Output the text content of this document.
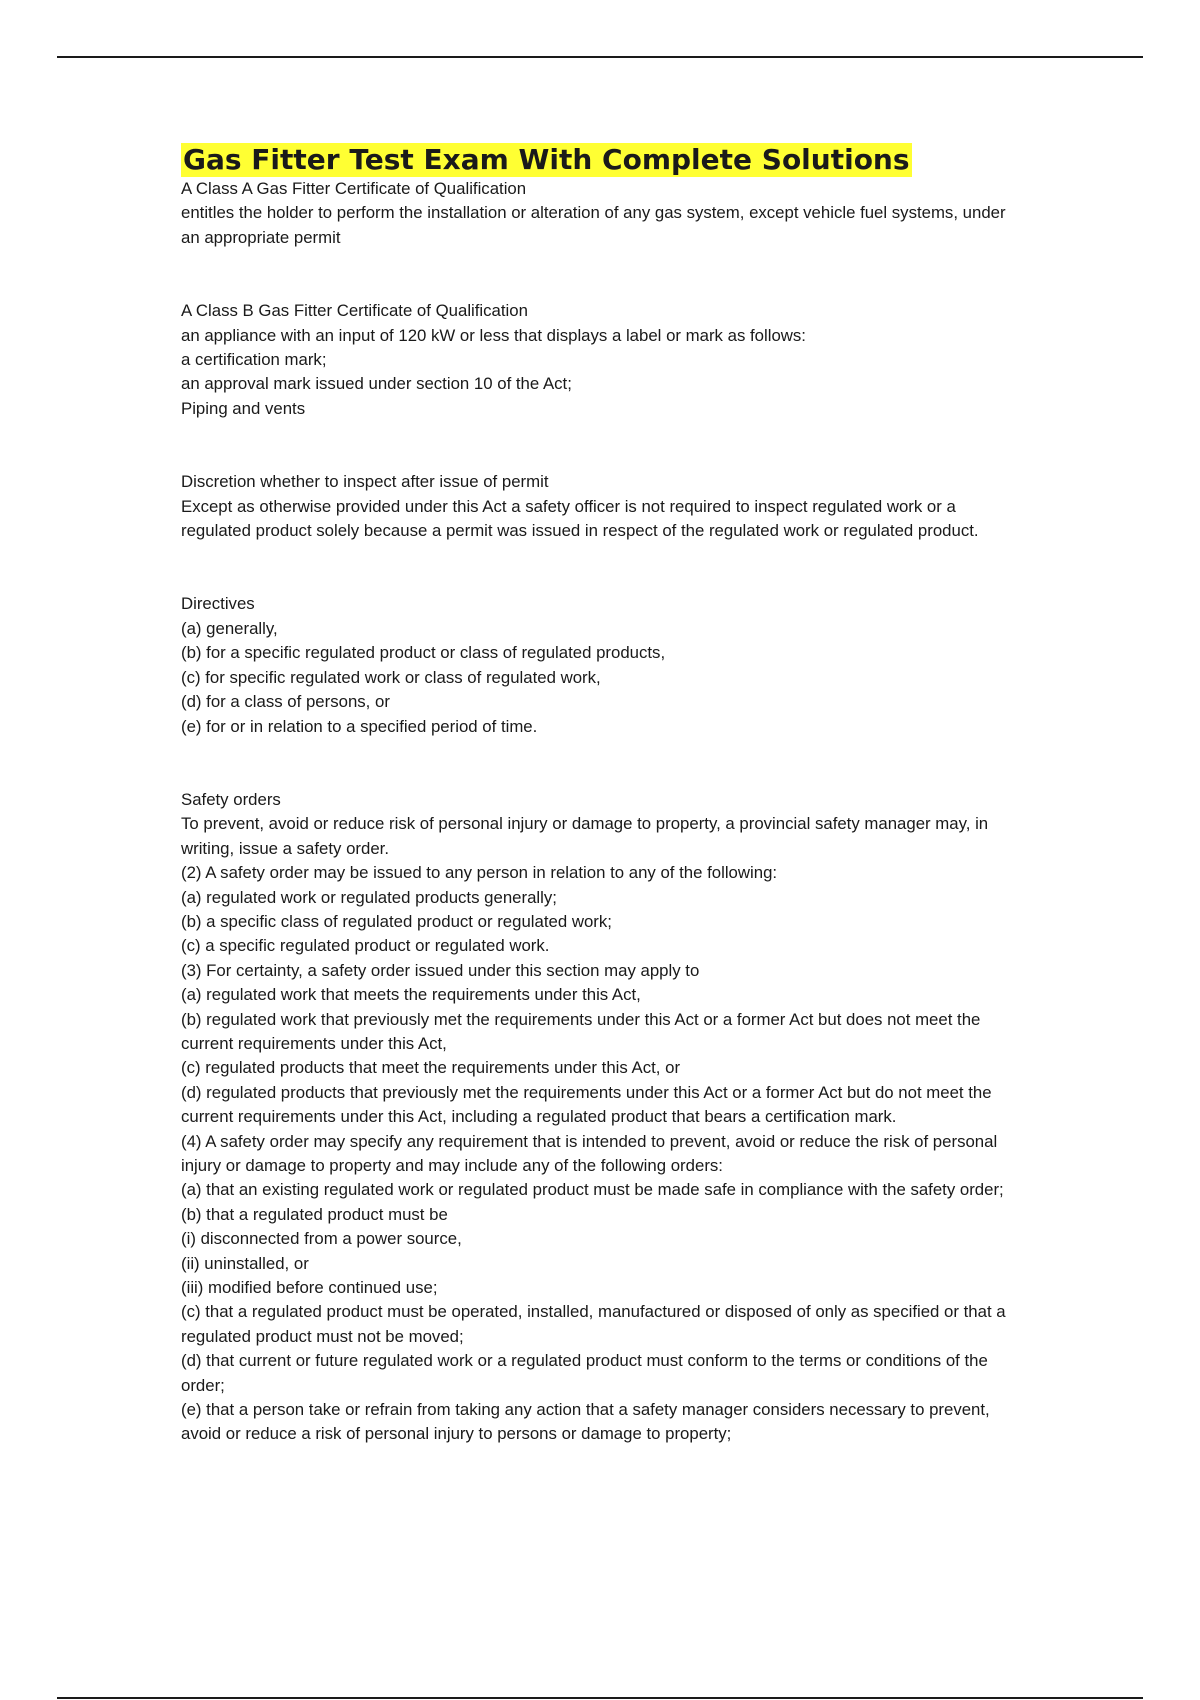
Gas Fitter Test Exam With Complete Solutions

A Class A Gas Fitter Certificate of Qualification

entitles the holder to perform the installation or alteration of any gas system, except vehicle fuel systems, under an appropriate permit

A Class B Gas Fitter Certificate of Qualification

an appliance with an input of 120 kW or less that displays a label or mark as follows:

a certification mark;

an approval mark issued under section 10 of the Act;

Piping and vents

Discretion whether to inspect after issue of permit

Except as otherwise provided under this Act a safety officer is not required to inspect regulated work or a regulated product solely because a permit was issued in respect of the regulated work or regulated product.

Directives

(a) generally,

(b) for a specific regulated product or class of regulated products,

(c) for specific regulated work or class of regulated work,

(d) for a class of persons, or

(e) for or in relation to a specified period of time.

Safety orders

To prevent, avoid or reduce risk of personal injury or damage to property, a provincial safety manager may, in writing, issue a safety order.

(2) A safety order may be issued to any person in relation to any of the following:

(a) regulated work or regulated products generally;

(b) a specific class of regulated product or regulated work;

(c) a specific regulated product or regulated work.

(3) For certainty, a safety order issued under this section may apply to

(a) regulated work that meets the requirements under this Act,

(b) regulated work that previously met the requirements under this Act or a former Act but does not meet the current requirements under this Act,

(c) regulated products that meet the requirements under this Act, or

(d) regulated products that previously met the requirements under this Act or a former Act but do not meet the current requirements under this Act, including a regulated product that bears a certification mark.

(4) A safety order may specify any requirement that is intended to prevent, avoid or reduce the risk of personal injury or damage to property and may include any of the following orders:

(a) that an existing regulated work or regulated product must be made safe in compliance with the safety order;

(b) that a regulated product must be

(i) disconnected from a power source,

(ii) uninstalled, or

(iii) modified before continued use;

(c) that a regulated product must be operated, installed, manufactured or disposed of only as specified or that a regulated product must not be moved;

(d) that current or future regulated work or a regulated product must conform to the terms or conditions of the order;

(e) that a person take or refrain from taking any action that a safety manager considers necessary to prevent, avoid or reduce a risk of personal injury to persons or damage to property;
